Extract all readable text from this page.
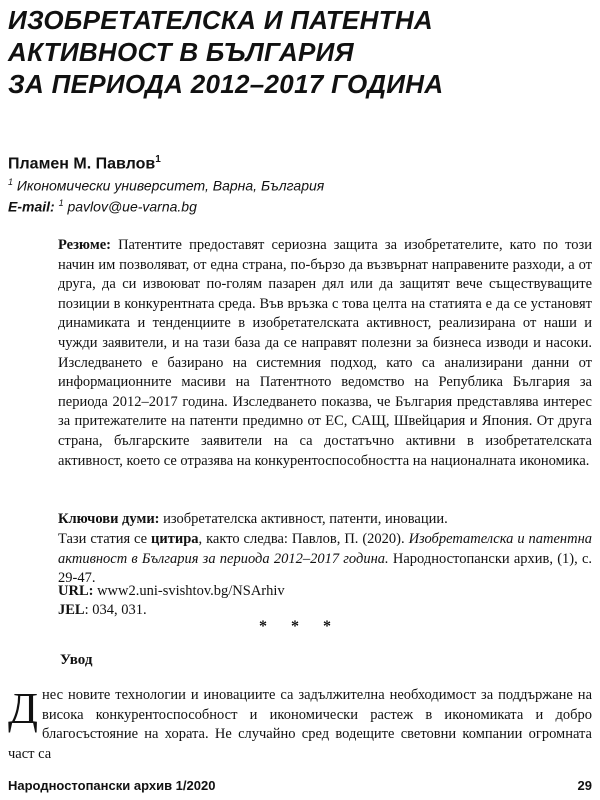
ИЗОБРЕТАТЕЛСКА И ПАТЕНТНА
АКТИВНОСТ В БЪЛГАРИЯ
ЗА ПЕРИОДА 2012–2017 ГОДИНА
Пламен М. Павлов$^1$
$^1$ Икономически университет, Варна, България
E-mail: $^1$ pavlov@ue-varna.bg

Резюме: Патентите предоставят сериозна защита за изобретателите, като по този начин им позволяват, от една страна, по-бързо да възвърнат направените разходи, а от друга, да си извоюват по-голям пазарен дял или да защитят вече съществуващите позиции в конкурентната среда. Във връзка с това целта на статията е да се установят динамиката и тенденциите в изобретателската активност, реализирана от наши и чужди заявители, и на тази база да се направят полезни за бизнеса изводи и насоки. Изследването е базирано на системния подход, като са анализирани данни от информационните масиви на Патентното ведомство на Република България за периода 2012–2017 година. Изследването показва, че България представлява интерес за притежателите на патенти предимно от ЕС, САЩ, Швейцария и Япония. От друга страна, българските заявители на са достатъчно активни в изобретателската активност, което се отразява на конкурентоспособността на националната икономика.

Ключови думи: изобретателска активност, патенти, иновации.
Тази статия се цитира, както следва: Павлов, П. (2020). Изобретателска и патентна активност в България за периода 2012–2017 година. Народностопански архив, (1), с. 29-47.
URL: www2.uni-svishtov.bg/NSArhiv
JEL: 034, 031.
* * *
Увод
Д нес новите технологии и иновациите са задължителна необходимост за поддържане на висока конкурентоспособност и икономически растеж в икономиката и добро благосъстояние на хората. Не случайно сред водещите световни компании огромната част са
Народностопански архив 1/2020	29
